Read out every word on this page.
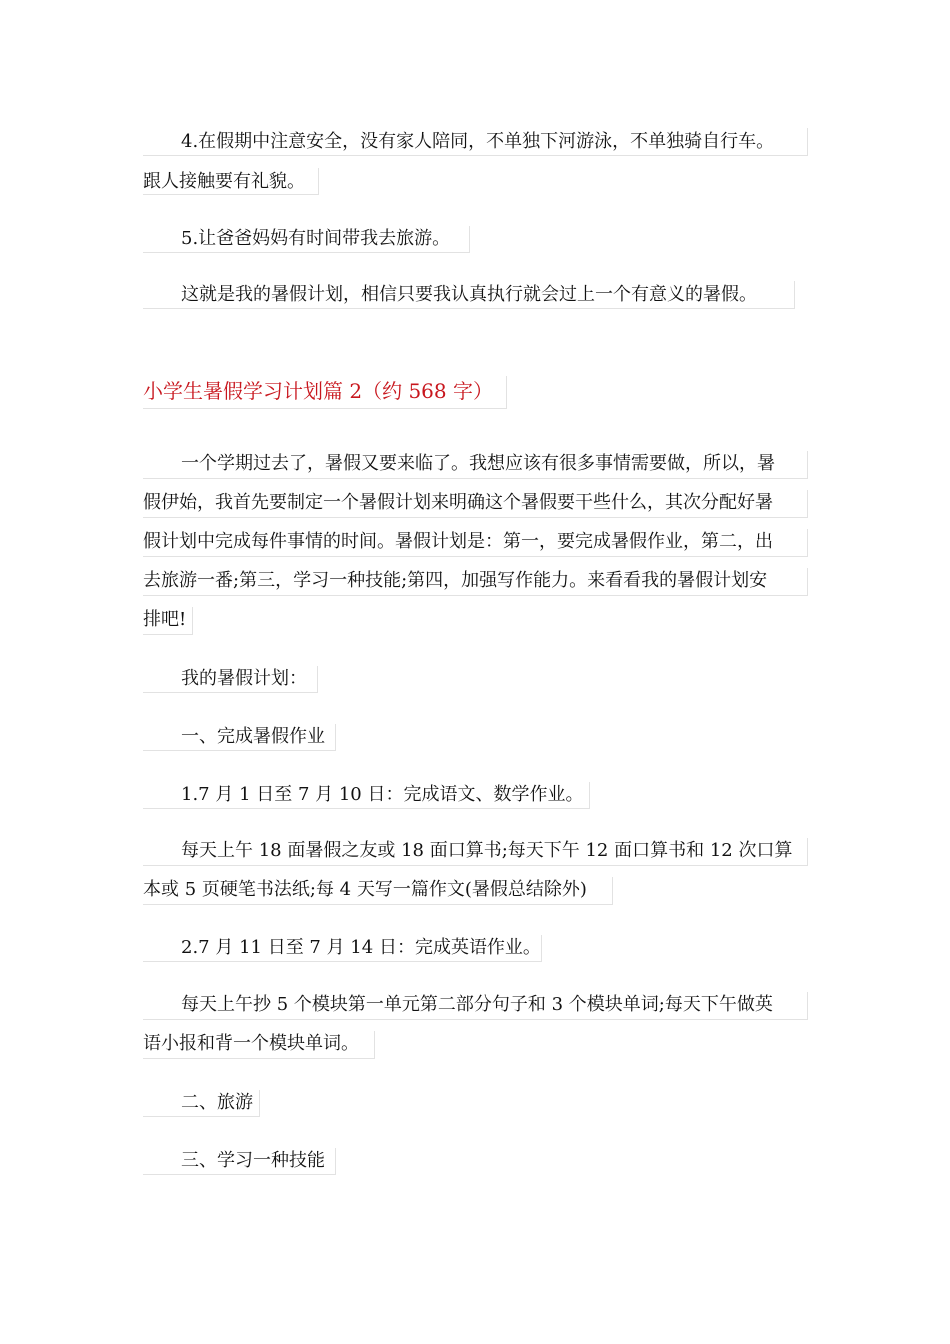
4.在假期中注意安全，没有家人陪同，不单独下河游泳，不单独骑自行车。
跟人接触要有礼貌。
5.让爸爸妈妈有时间带我去旅游。
这就是我的暑假计划，相信只要我认真执行就会过上一个有意义的暑假。
小学生暑假学习计划篇 2（约 568 字）
一个学期过去了，暑假又要来临了。我想应该有很多事情需要做，所以，暑
假伊始，我首先要制定一个暑假计划来明确这个暑假要干些什么，其次分配好暑
假计划中完成每件事情的时间。暑假计划是：第一，要完成暑假作业，第二，出
去旅游一番;第三，学习一种技能;第四，加强写作能力。来看看我的暑假计划安
排吧!
我的暑假计划：
一、完成暑假作业
1.7 月 1 日至 7 月 10 日：完成语文、数学作业。
每天上午 18 面暑假之友或 18 面口算书;每天下午 12 面口算书和 12 次口算
本或 5 页硬笔书法纸;每 4 天写一篇作文(暑假总结除外)
2.7 月 11 日至 7 月 14 日：完成英语作业。
每天上午抄 5 个模块第一单元第二部分句子和 3 个模块单词;每天下午做英
语小报和背一个模块单词。
二、旅游
三、学习一种技能
